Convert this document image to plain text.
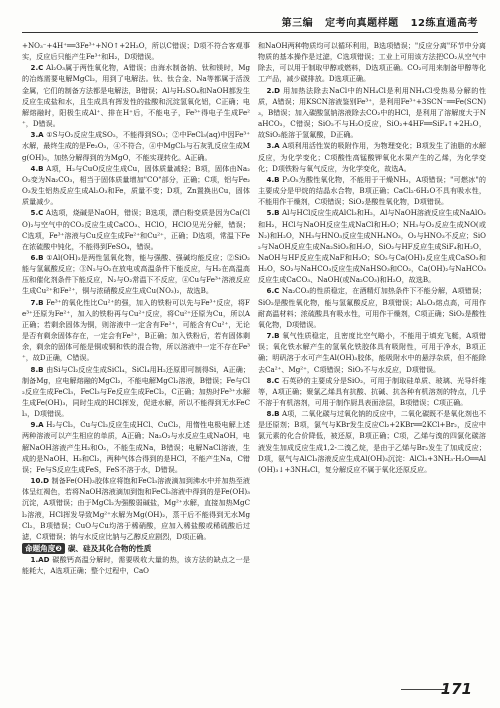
第三编 定考向真题样题 12练直通高考

+NO₃⁻+4H⁺══3Fe³⁺+NO↑+2H₂O，所以C错误；D项不符合客观事实，反应后只能产生Fe³⁺和H₂，D项错误。

2.C Al₂O₃属于两性氧化物，A错误；由海水制备钠、钛和镁时，Mg的冶炼需要电解MgCl₂，用到了电解法。钛、钛合金、Na等都属于活泼金属，它们的制备方法都是电解法，B错误；Al与H₂SO₄和NaOH都发生反应生成盐和水，且生成具有挥发性的盐酸和沉淀氢氧化铝，C正确；电解熔融时，阳极生成Al⁺、排在H⁺后，不能电子，Fe³⁺得电子生成Fe²⁺，D错误。

3.A ①S与O₂反应生成SO₂，不能得到SO₃；②中FeCl₃(aq)中因Fe³⁺水解，最终生成的是Fe₂O₃，④不符合，④中MgCl₂与石灰乳反应生成Mg(OH)₂，加热分解得到的为MgO，不能实现转化。A正确。

4.B A项，H₂与CuO反应生成Cu，固体质量减轻；B项，固体由Na₂O₂变为Na₂CO₃，相当于固体质量增加"CO"部分，正确；C项，铝与Fe₂O₃发生铝热反应生成Al₂O₃和Fe，质量不变；D项，Zn置换出Cu，固体质量减少。

5.C A选项，烧碱是NaOH，错误；B选项，漂白粉变质是因为Ca(ClO)₂与空气中的CO₂反应生成CaCO₃、HClO，HClO见光分解，错误；C选项，Fe³⁺溶液与Cu反应生成Fe²⁺和Cu²⁺，正确；D选项，常温下Fe在浓硫酸中钝化，不能得到FeSO₄，错误。

6.B ①Al(OH)₃是两性氢氧化物，能与强酸、强碱均能反应；②SiO₂能与氢氟酸反应；③N₂与O₂在放电或高温条件下能反应，与H₂在高温高压和催化剂条件下能反应，N₂与O₂常温下不反应，④Cu与Fe³⁺溶液反应生成Cu²⁺和Fe²⁺，铜与浓硝酸反应生成Cu(NO₃)₂，故选B。

7.B Fe³⁺的氧化性比Cu²⁺的强，加入的铁粉可以先与Fe³⁺反应，将Fe³⁺还原为Fe²⁺，加入的铁粉再与Cu²⁺反应，将Cu²⁺还原为Cu，所以A正确；若剩余固体为铜，则溶液中一定含有Fe²⁺，可能含有Cu²⁺，无论是否有剩余固体存在，一定会有Fe²⁺，B正确；加入铁粉后，若有固体剩余，剩余的固体可能是铜或铜和铁的混合物，所以溶液中一定不存在Fe³⁺，故D正确，C错误。

8.B 由Si与Cl₂反应生成SiCl₄，SiCl₄用H₂还原即可制得Si，A正确；制备Mg，应电解熔融的MgCl₂，不能电解MgCl₂溶液，B错误；Fe与Cl₂反应生成FeCl₃，FeCl₃与Fe反应生成FeCl₂，C正确；加热时Fe³⁺水解生成Fe(OH)₃，同时生成的HCl挥发，促进水解，所以不能得到无水FeCl₃，D项错误。

9.A H₂与Cl₂，Cu与Cl₂反应生成HCl、CuCl₂，用惰性电极电解上述两种溶液可以产生相应的单质，A正确；Na₂O₂与水反应生成NaOH，电解NaOH溶液产生H₂和O₂，不能生成Na，B错误；电解NaCl溶液，生成的是NaOH、H₂和Cl₂，两种气体合得到的是HCl，不能产生Na，C错误；Fe与S反应生成FeS，FeS不溶于水，D错误。

10.D 制备Fe(OH)₃胶体应将饱和FeCl₃溶液滴加到沸水中并加热至液体呈红褐色，若将NaOH溶液滴加到饱和FeCl₃溶液中得到的是Fe(OH)₃沉淀，A项错误；由于MgCl₂为强酸弱碱盐，Mg²⁺水解，直接加热MgCl₂溶液，HCl挥发导致Mg²⁺水解为Mg(OH)₂，蒸干后不能得到无水MgCl₂，B项错误；CuO与Cu均溶于稀硝酸，应加入稀盐酸或稀硫酸后过滤，C项错误；钠与水反应比钠与乙醇反应剧烈，D项正确。

命题角度❷ 碳、硅及其化合物的性质

1.AD 碳酸钙高温分解时，需要吸收大量的热，该方法的缺点之一是能耗大，A选项正确；整个过程中，CaO

和NaOH两种物质均可以循环利用，B选项错误；"反应分离"环节中分离物质的基本操作是过滤，C选项错误；工业上可用该方法把CO₂从空气中除去，可以用于制取甲醇或燃料，D选项正确。CO₂可用来制备甲醇等化工产品，减少碳排放。D选项正确。

2.D 用加热法除去NaCl中的NH₄Cl是利用NH₄Cl受热易分解的性质，A错误；用KSCN溶液鉴别Fe³⁺，是利用Fe³⁺+3SCN⁻══Fe(SCN)₃，B错误；加入碳酸氢钠溶液除去CO₂中的HCl，是利用了溶解度大于NaHCO₃，C错误；SiO₂不与H₂O反应，SiO₂+4HF══SiF₄↑+2H₂O，故SiO₂能溶于氢氟酸，D正确。

3.A A项利用活性炭的吸附作用，为物理变化；B项发生了油脂的水解反应，为化学变化；C项酸性高锰酸钾氧化水果产生的乙烯，为化学变化；D项铁粉与氧气反应，为化学变化，故选A。

4.B P₂O₅为酸性氧化物，不能用于干燥NH₃，A项错误；"可燃冰"的主要成分是甲烷的结晶水合物，B项正确；CaCl₂·6H₂O不具有吸水性，不能用作干燥剂，C项错误；SiO₂是酸性氧化物，D项错误。

5.B Al与HCl反应生成AlCl₃和H₂，Al与NaOH溶液反应生成NaAlO₂和H₂，HCl与NaOH反应生成NaCl和H₂O；NH₃与O₂反应生成NO(或N₂)和H₂O，NH₃与HNO₃反应生成NH₄NO₃，O₂与HNO₃不反应；SiO₂与NaOH反应生成Na₂SiO₃和H₂O，SiO₂与HF反应生成SiF₄和H₂O，NaOH与HF反应生成NaF和H₂O；SO₂与Ca(OH)₂反应生成CaSO₃和H₂O，SO₂与NaHCO₃反应生成NaHSO₃和CO₂，Ca(OH)₂与NaHCO₃反应生成CaCO₃、NaOH(或Na₂CO₃)和H₂O，故选B。

6.C Na₂CO₃的性质稳定，在酒精灯加热条件下不能分解，A项错误；SiO₂是酸性氧化物，能与氢氟酸反应，B项错误；Al₂O₃熔点高，可用作耐高温材料；浓硫酸具有吸水性，可用作干燥剂，C项正确；SiO₂是酸性氧化物，D项错误。

7.B 氧气性质稳定，且密度比空气略小，不能用于填充飞艇，A项错误；氧化铁水解产生的氢氧化铁胶体具有吸附性，可用于净水，B项正确；明矾溶于水可产生Al(OH)₃胶体，能吸附水中的悬浮杂质，但不能除去Ca²⁺、Mg²⁺，C项错误；SiO₂不与水反应，D项错误。

8.C 石英砂的主要成分是SiO₂，可用于制取硅单质、玻璃、光导纤维等，A项正确；聚氯乙烯具有抗酸、抗碱、抗各种有机溶剂的特点，几乎不溶于有机溶剂，可用于制作厨具表面涂层，B项错误；C项正确。

8.B A项，二氧化碳与过氧化钠的反应中，二氧化碳既不是氧化剂也不是还原剂；B项，氯气与KBr发生反应Cl₂+2KBr══2KCl+Br₂，反应中氯元素的化合价降低，被还原，B项正确；C项，乙烯与溴的四氯化碳溶液发生加成反应生成1,2-二溴乙烷，是由于乙烯与Br₂发生了加成反应；D项，氨气与AlCl₃溶液反应生成Al(OH)₃沉淀：AlCl₃+3NH₃·H₂O══Al(OH)₃↓+3NH₄Cl，复分解反应不属于氧化还原反应。

171
